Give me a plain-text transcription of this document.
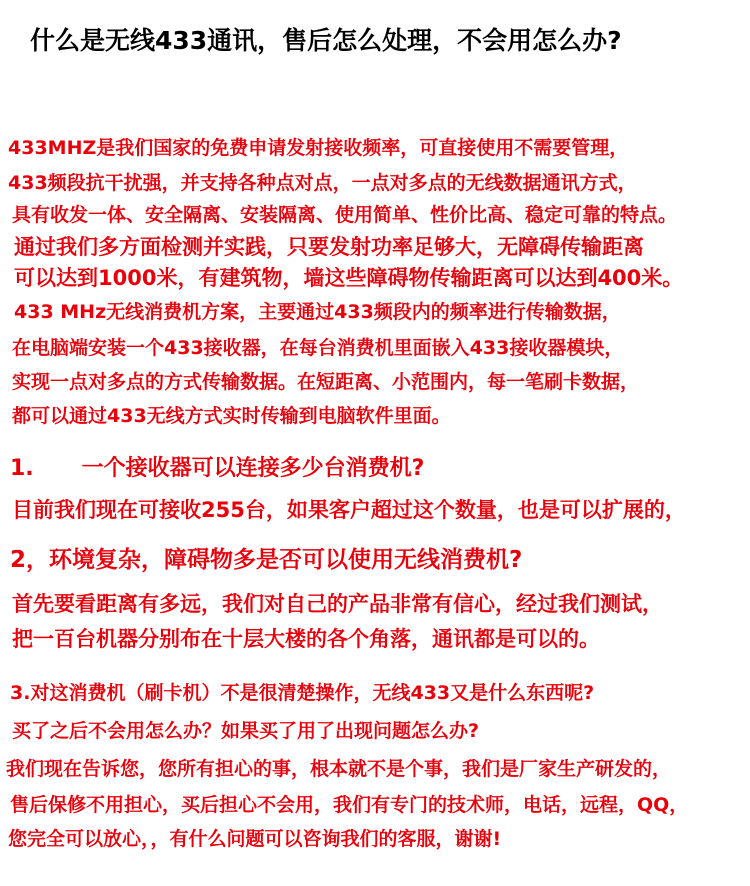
什么是无线433通讯，售后怎么处理，不会用怎么办?
433MHZ是我们国家的免费申请发射接收频率，可直接使用不需要管理，
433频段抗干扰强，并支持各种点对点，一点对多点的无线数据通讯方式，
具有收发一体、安全隔离、安装隔离、使用简单、性价比高、稳定可靠的特点。
通过我们多方面检测并实践，只要发射功率足够大，无障碍传输距离
可以达到1000米，有建筑物，墙这些障碍物传输距离可以达到400米。
433 MHz无线消费机方案，主要通过433频段内的频率进行传输数据，
在电脑端安装一个433接收器，在每台消费机里面嵌入433接收器模块，
实现一点对多点的方式传输数据。在短距离、小范围内，每一笔刷卡数据，
都可以通过433无线方式实时传输到电脑软件里面。
1. 一个接收器可以连接多少台消费机?
目前我们现在可接收255台，如果客户超过这个数量，也是可以扩展的，
2，环境复杂，障碍物多是否可以使用无线消费机?
首先要看距离有多远，我们对自己的产品非常有信心，经过我们测试，
把一百台机器分别布在十层大楼的各个角落，通讯都是可以的。
3.对这消费机（刷卡机）不是很清楚操作，无线433又是什么东西呢?
买了之后不会用怎么办？如果买了用了出现问题怎么办?
我们现在告诉您，您所有担心的事，根本就不是个事，我们是厂家生产研发的，
售后保修不用担心，买后担心不会用，我们有专门的技术师，电话，远程，QQ，
您完全可以放心，，有什么问题可以咨询我们的客服，谢谢!
